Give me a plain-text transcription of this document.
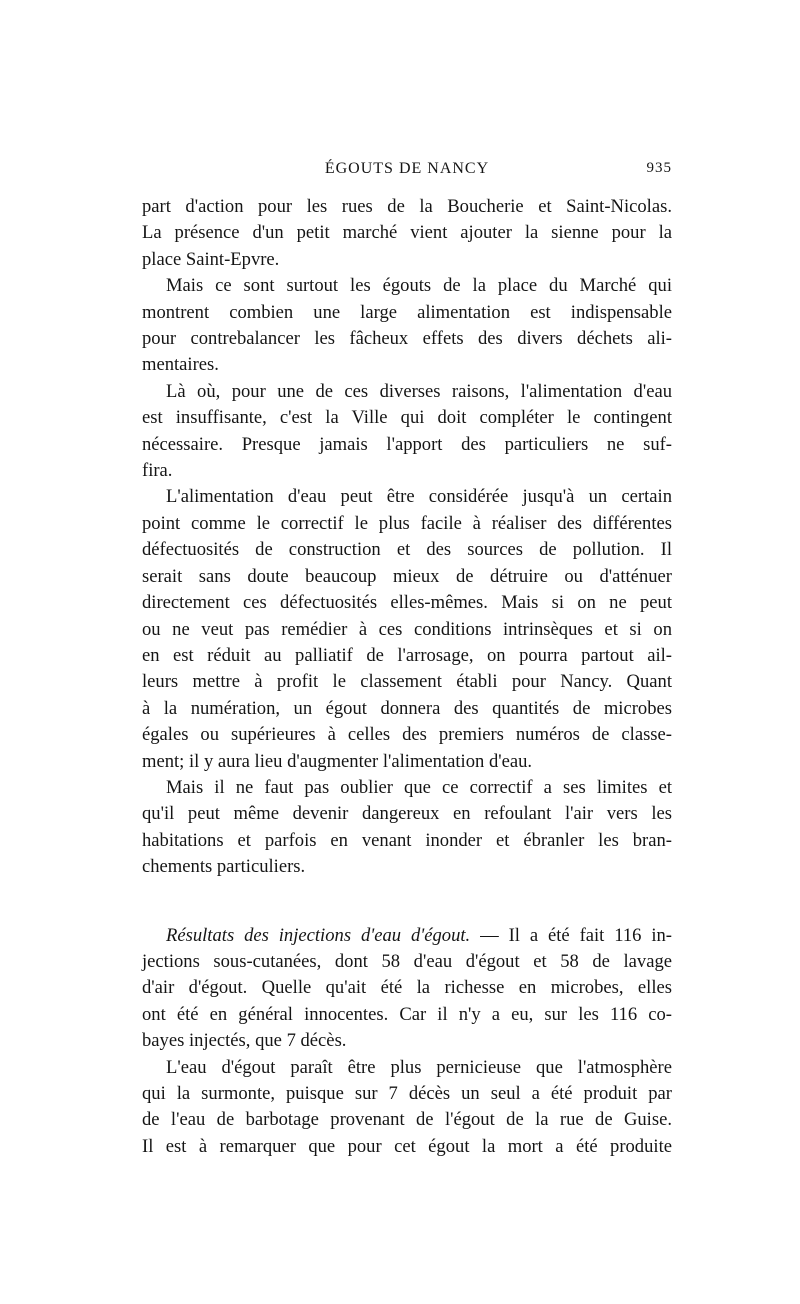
ÉGOUTS DE NANCY	935

part d'action pour les rues de la Boucherie et Saint-Nicolas.
La présence d'un petit marché vient ajouter la sienne pour la
place Saint-Epvre.

Mais ce sont surtout les égouts de la place du Marché qui
montrent combien une large alimentation est indispensable
pour contrebalancer les fâcheux effets des divers déchets ali-
mentaires.

Là où, pour une de ces diverses raisons, l'alimentation d'eau
est insuffisante, c'est la Ville qui doit compléter le contingent
nécessaire. Presque jamais l'apport des particuliers ne suf-
fira.

L'alimentation d'eau peut être considérée jusqu'à un certain
point comme le correctif le plus facile à réaliser des différentes
défectuosités de construction et des sources de pollution. Il
serait sans doute beaucoup mieux de détruire ou d'atténuer
directement ces défectuosités elles-mêmes. Mais si on ne peut
ou ne veut pas remédier à ces conditions intrinsèques et si on
en est réduit au palliatif de l'arrosage, on pourra partout ail-
leurs mettre à profit le classement établi pour Nancy. Quant
à la numération, un égout donnera des quantités de microbes
égales ou supérieures à celles des premiers numéros de classe-
ment; il y aura lieu d'augmenter l'alimentation d'eau.

Mais il ne faut pas oublier que ce correctif a ses limites et
qu'il peut même devenir dangereux en refoulant l'air vers les
habitations et parfois en venant inonder et ébranler les bran-
chements particuliers.

Résultats des injections d'eau d'égout. — Il a été fait 116 in-
jections sous-cutanées, dont 58 d'eau d'égout et 58 de lavage
d'air d'égout. Quelle qu'ait été la richesse en microbes, elles
ont été en général innocentes. Car il n'y a eu, sur les 116 co-
bayes injectés, que 7 décès.

L'eau d'égout paraît être plus pernicieuse que l'atmosphère
qui la surmonte, puisque sur 7 décès un seul a été produit par
de l'eau de barbotage provenant de l'égout de la rue de Guise.
Il est à remarquer que pour cet égout la mort a été produite
